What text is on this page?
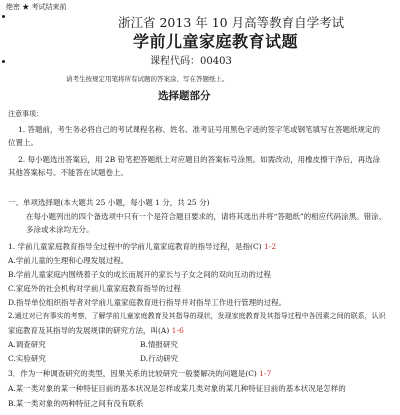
绝密 ★ 考试结束前
浙江省 2013 年 10 月高等教育自学考试
学前儿童家庭教育试题
课程代码：00403
请考生按规定用笔将所有试题的答案涂、写在答题纸上。
选择题部分
注意事项：
1. 答题前，考生务必将自己的考试课程名称、姓名、准考证号用黑色字迹的签字笔或钢笔填写在答题纸规定的
位置上。
2. 每小题选出答案后，用 2B 铅笔把答题纸上对应题目的答案标号涂黑。如需改动，用橡皮擦干净后，再选涂
其他答案标号。不能答在试题卷上。
一、单项选择题(本大题共 25 小题，每小题 1 分，共 25 分)
在每小题列出的四个备选项中只有一个是符合题目要求的，请将其选出并将“答题纸”的相应代码涂黑。错涂、
多涂或未涂均无分。
1. 学前儿童家庭教育指导全过程中的学前儿童家庭教育的指导过程，是指(C) 1-2
A.学前儿童的生理和心理发展过程。
B.学前儿童家庭内围绕着子女的成长而展开的家长与子女之间的双向互动的过程
C.家庭外的社会机构对学前儿童家庭教育指导的过程
D.指导单位组织指导者对学前儿童家庭教育进行指导并对指导工作进行管理的过程。
2.通过对已有事实的考察，了解学前儿童家庭教育及其指导的现状，发现家庭教育及其指导过程中各因素之间的联系，认识
家庭教育及其指导的发展规律的研究方法，叫(A) 1-6
A.调查研究	B.情报研究
C.实验研究	D.行动研究
3．作为一种调查研究的类型，因果关系的比较研究一般要解决的问题是(C) 1-7
A.某一类对象的某一种特征目前的基本状况是怎样或某几类对象的某几种特征目前的基本状况是怎样的
B.某一类对象的两种特征之间有没有联系
